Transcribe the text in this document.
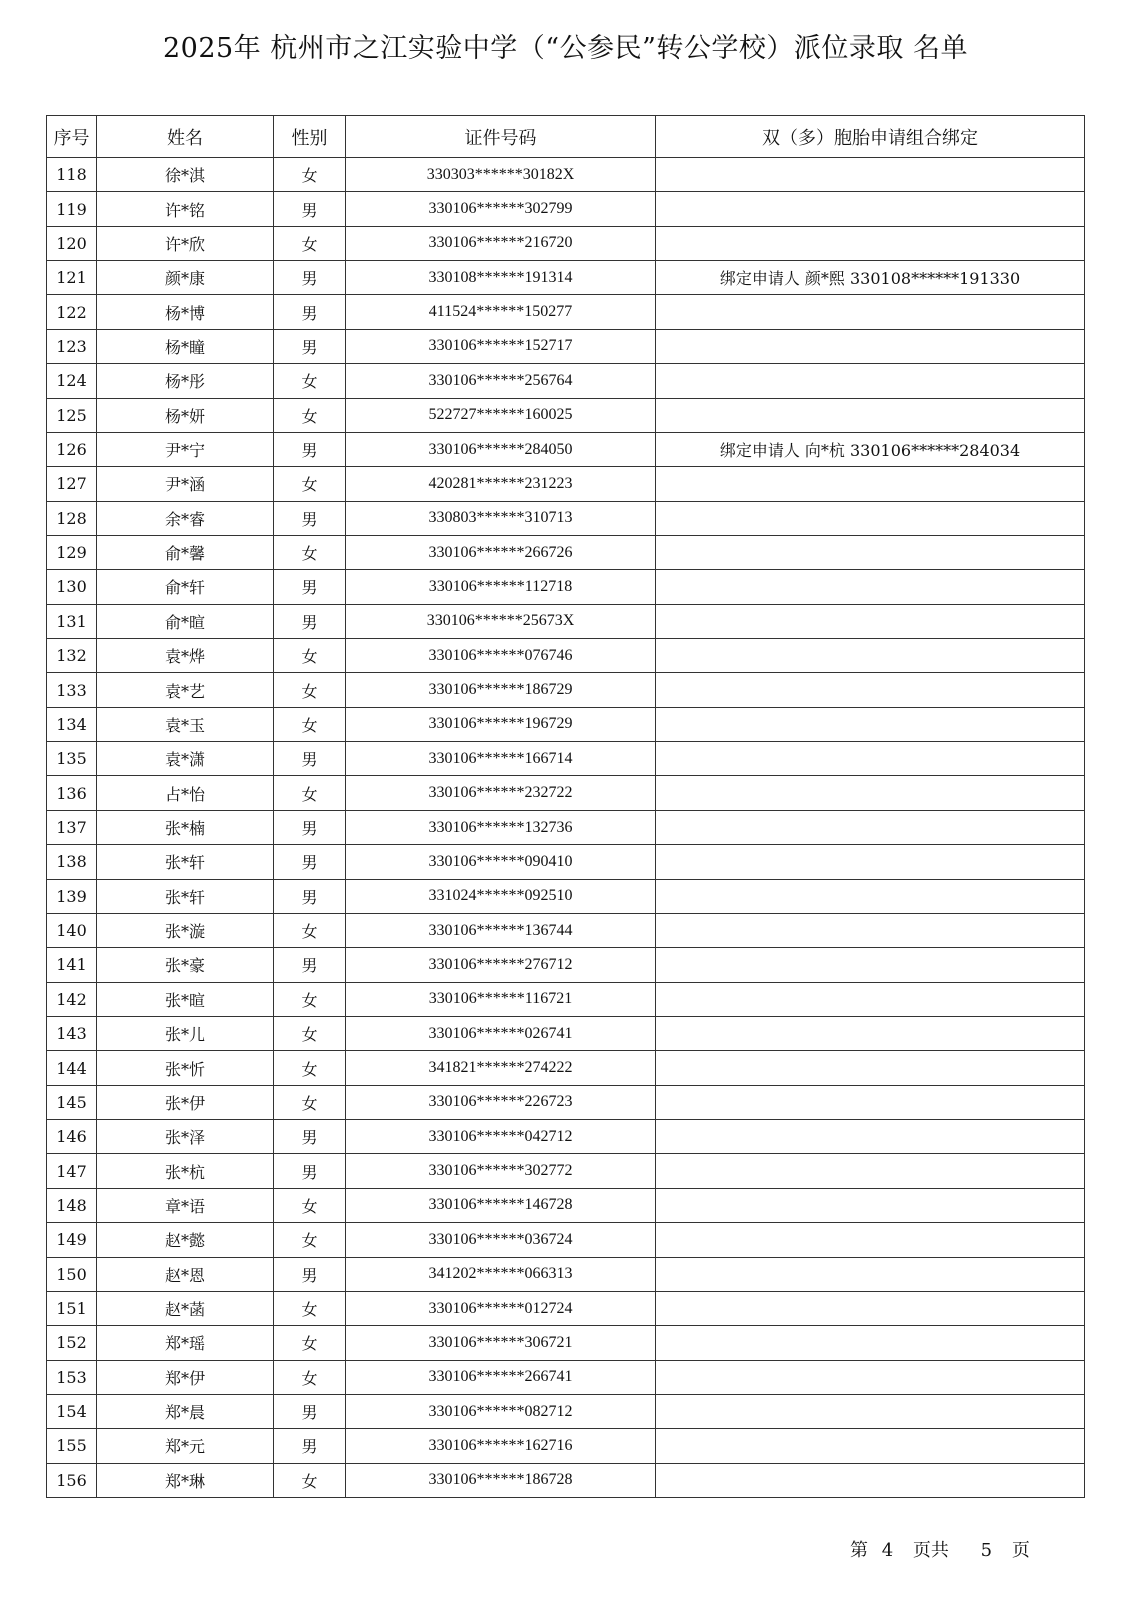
2025年 杭州市之江实验中学（“公参民”转公学校）派位录取 名单
序号	姓名	性别	证件号码	双（多）胞胎申请组合绑定
118	徐*淇	女	330303******30182X	
119	许*铭	男	330106******302799	
120	许*欣	女	330106******216720	
121	颜*康	男	330108******191314	绑定申请人 颜*熙 330108******191330
122	杨*博	男	411524******150277	
123	杨*瞳	男	330106******152717	
124	杨*彤	女	330106******256764	
125	杨*妍	女	522727******160025	
126	尹*宁	男	330106******284050	绑定申请人 向*杭 330106******284034
127	尹*涵	女	420281******231223	
128	余*睿	男	330803******310713	
129	俞*馨	女	330106******266726	
130	俞*轩	男	330106******112718	
131	俞*暄	男	330106******25673X	
132	袁*烨	女	330106******076746	
133	袁*艺	女	330106******186729	
134	袁*玉	女	330106******196729	
135	袁*潇	男	330106******166714	
136	占*怡	女	330106******232722	
137	张*楠	男	330106******132736	
138	张*轩	男	330106******090410	
139	张*轩	男	331024******092510	
140	张*漩	女	330106******136744	
141	张*豪	男	330106******276712	
142	张*暄	女	330106******116721	
143	张*儿	女	330106******026741	
144	张*忻	女	341821******274222	
145	张*伊	女	330106******226723	
146	张*泽	男	330106******042712	
147	张*杭	男	330106******302772	
148	章*语	女	330106******146728	
149	赵*懿	女	330106******036724	
150	赵*恩	男	341202******066313	
151	赵*菡	女	330106******012724	
152	郑*瑶	女	330106******306721	
153	郑*伊	女	330106******266741	
154	郑*晨	男	330106******082712	
155	郑*元	男	330106******162716	
156	郑*琳	女	330106******186728	
第 4 页共 5 页
